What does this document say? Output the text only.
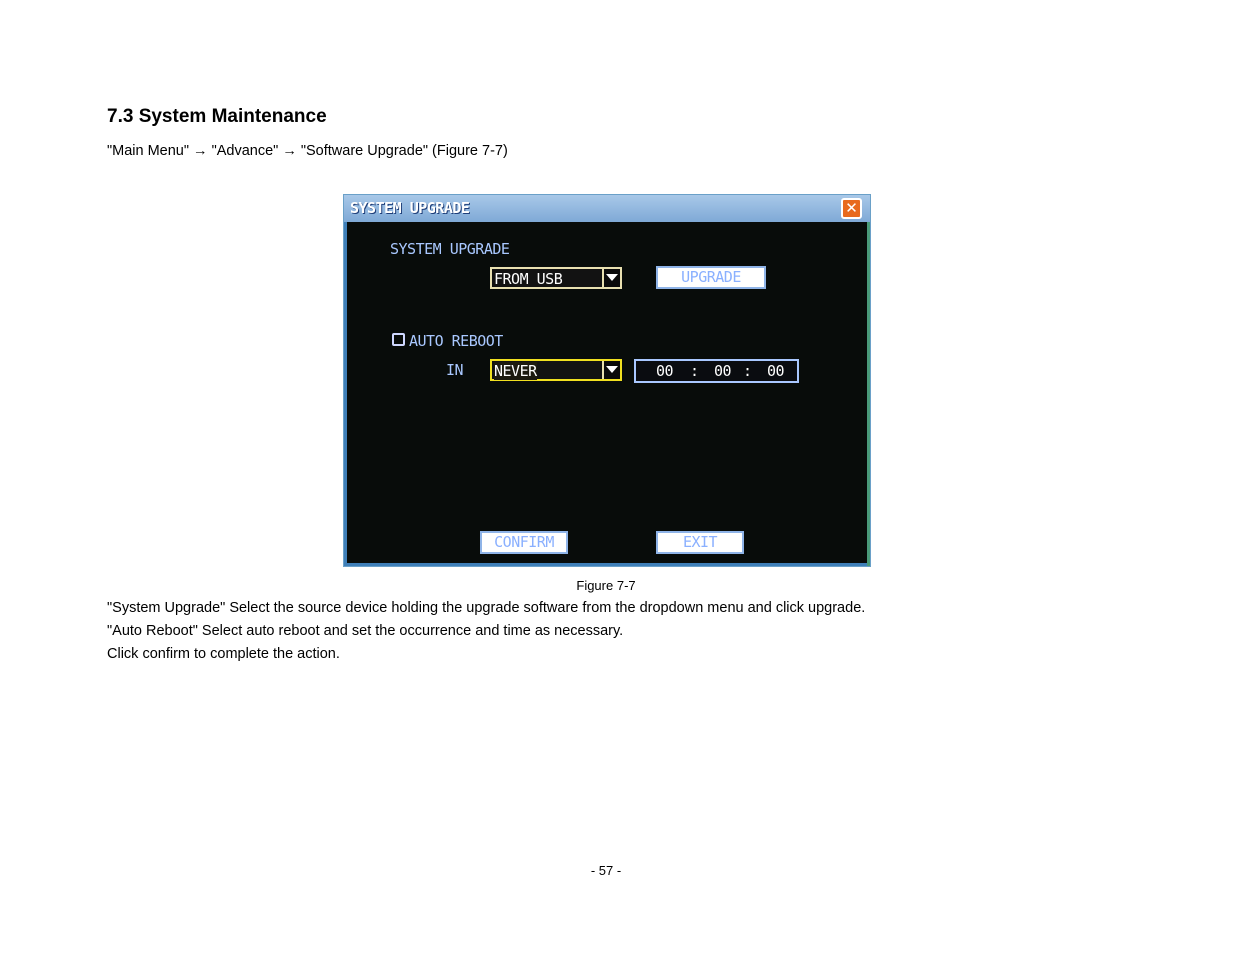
7.3 System Maintenance
"Main Menu" → "Advance" → "Software Upgrade" (Figure 7-7)
SYSTEM UPGRADE	✕
SYSTEM UPGRADE
FROM USB	UPGRADE
AUTO REBOOT
IN NEVER	00 : 00 : 00
CONFIRM	EXIT
Figure 7-7

"System Upgrade" Select the source device holding the upgrade software from the dropdown menu and click upgrade.

"Auto Reboot" Select auto reboot and set the occurrence and time as necessary.

Click confirm to complete the action.

- 57 -
